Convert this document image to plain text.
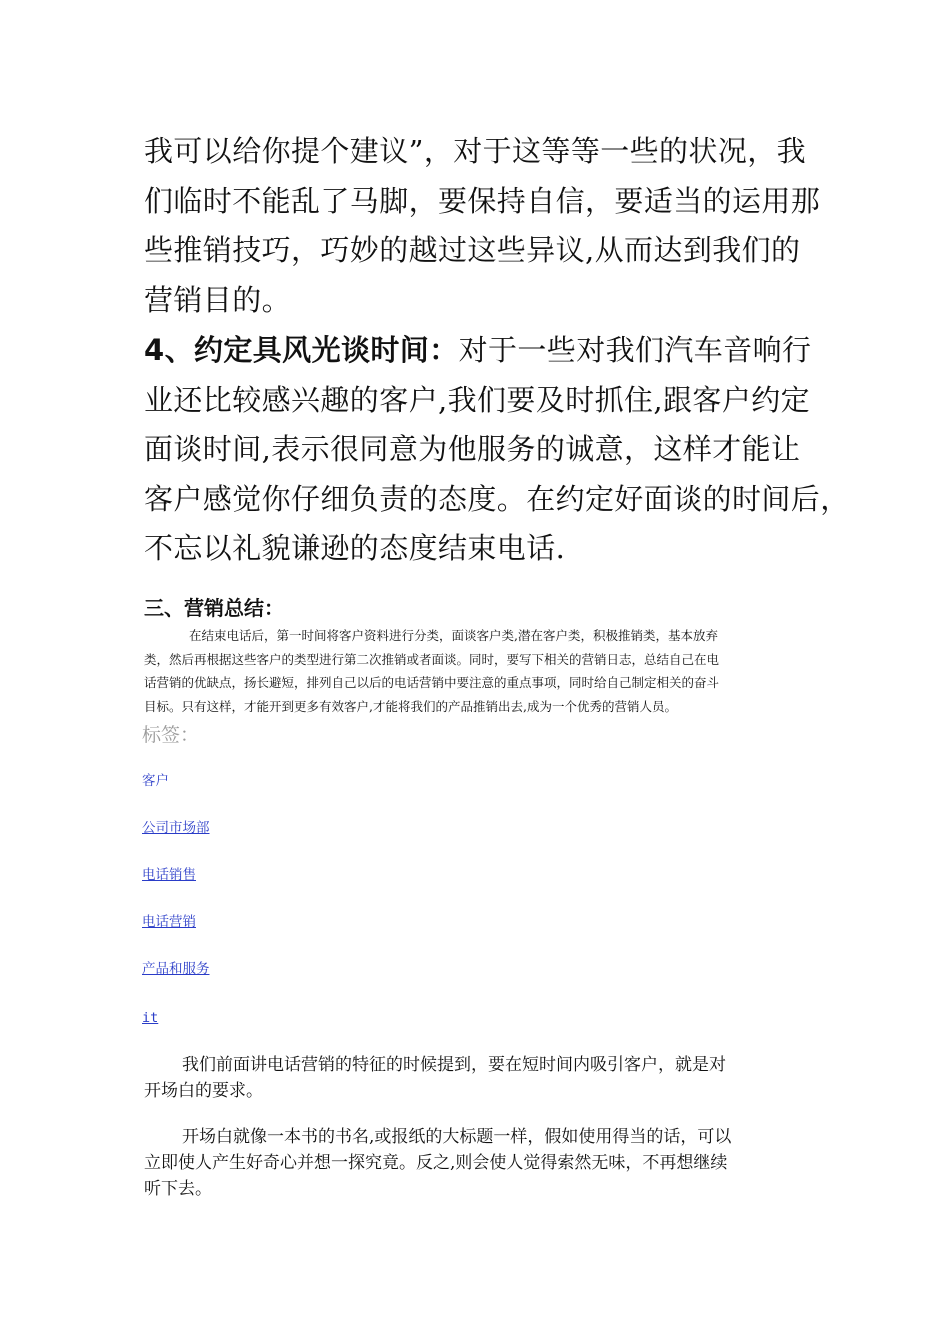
我可以给你提个建议”，对于这等等一些的状况，我
们临时不能乱了马脚，要保持自信，要适当的运用那
些推销技巧，巧妙的越过这些异议,从而达到我们的
营销目的。
4、约定具风光谈时间：对于一些对我们汽车音响行
业还比较感兴趣的客户,我们要及时抓住,跟客户约定
面谈时间,表示很同意为他服务的诚意，这样才能让
客户感觉你仔细负责的态度。在约定好面谈的时间后，
不忘以礼貌谦逊的态度结束电话.
三、营销总结：
在结束电话后，第一时间将客户资料进行分类，面谈客户类,潜在客户类，积极推销类，基本放弃
类，然后再根据这些客户的类型进行第二次推销或者面谈。同时，要写下相关的营销日志，总结自己在电
话营销的优缺点，扬长避短，排列自己以后的电话营销中要注意的重点事项，同时给自己制定相关的奋斗
目标。只有这样，才能开到更多有效客户,才能将我们的产品推销出去,成为一个优秀的营销人员。
标签：
客户
公司市场部
电话销售
电话营销
产品和服务
it
我们前面讲电话营销的特征的时候提到，要在短时间内吸引客户，就是对
开场白的要求。
开场白就像一本书的书名,或报纸的大标题一样，假如使用得当的话，可以
立即使人产生好奇心并想一探究竟。反之,则会使人觉得索然无味，不再想继续
听下去。
